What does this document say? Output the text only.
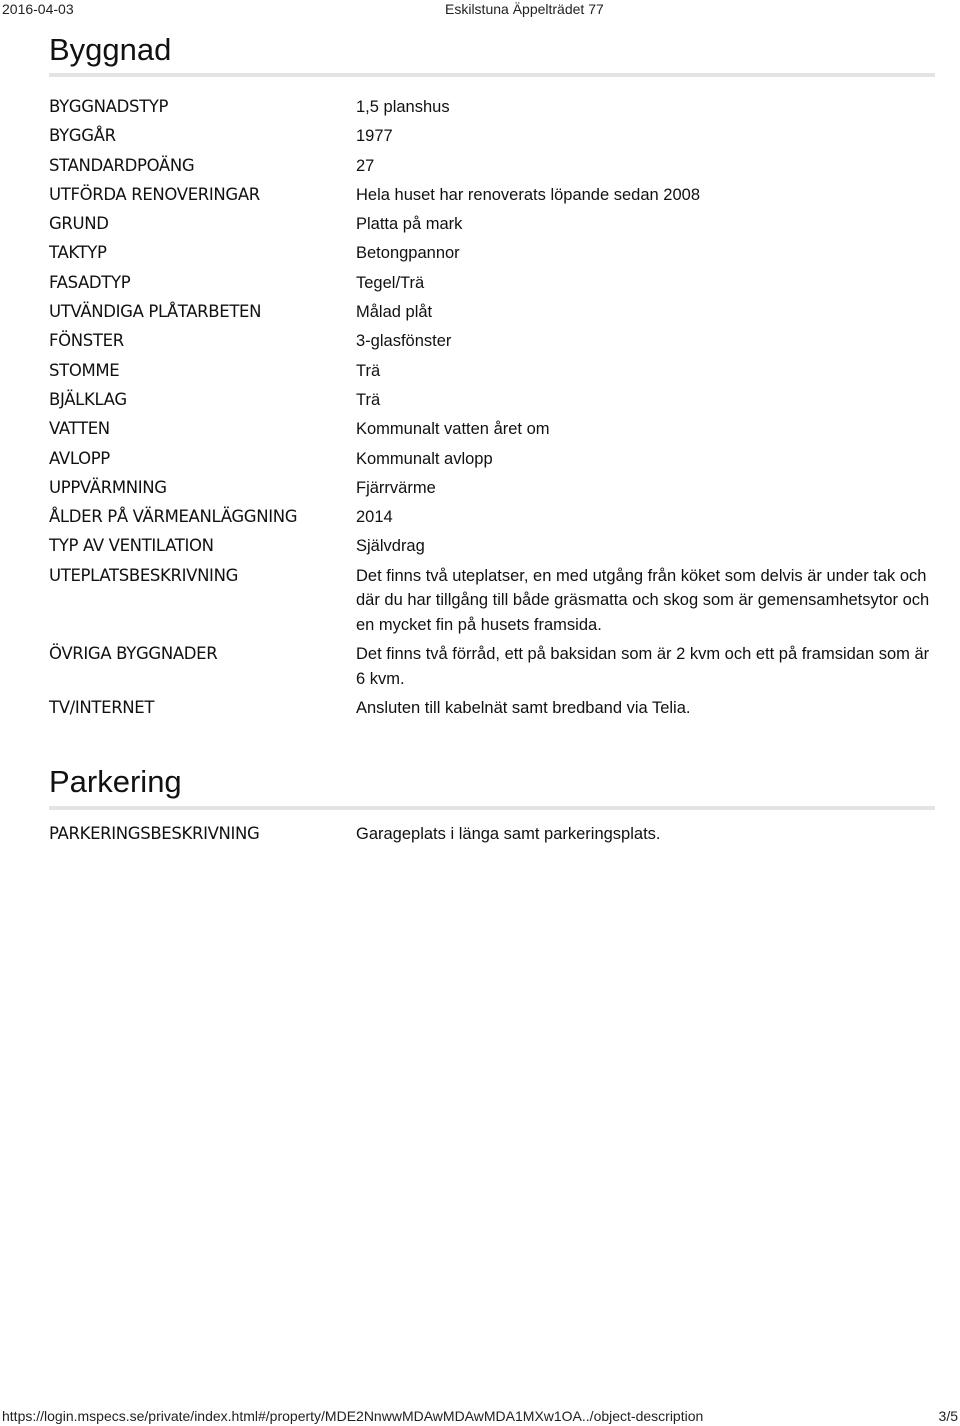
2016-04-03	Eskilstuna Äppelträdet 77
Byggnad
BYGGNADSTYP	1,5 planshus
BYGGÅR	1977
STANDARDPOÄNG	27
UTFÖRDA RENOVERINGAR	Hela huset har renoverats löpande sedan 2008
GRUND	Platta på mark
TAKTYP	Betongpannor
FASADTYP	Tegel/Trä
UTVÄNDIGA PLÅTARBETEN	Målad plåt
FÖNSTER	3-glasfönster
STOMME	Trä
BJÄLKLAG	Trä
VATTEN	Kommunalt vatten året om
AVLOPP	Kommunalt avlopp
UPPVÄRMNING	Fjärrvärme
ÅLDER PÅ VÄRMEANLÄGGNING	2014
TYP AV VENTILATION	Självdrag
UTEPLATSBESKRIVNING	Det finns två uteplatser, en med utgång från köket som delvis är under tak och där du har tillgång till både gräsmatta och skog som är gemensamhetsytor och en mycket fin på husets framsida.
ÖVRIGA BYGGNADER	Det finns två förråd, ett på baksidan som är 2 kvm och ett på framsidan som är 6 kvm.
TV/INTERNET	Ansluten till kabelnät samt bredband via Telia.
Parkering
PARKERINGSBESKRIVNING	Garageplats i länga samt parkeringsplats.
https://login.mspecs.se/private/index.html#/property/MDE2NnwwMDAwMDAwMDA1MXw1OA../object-description	3/5
